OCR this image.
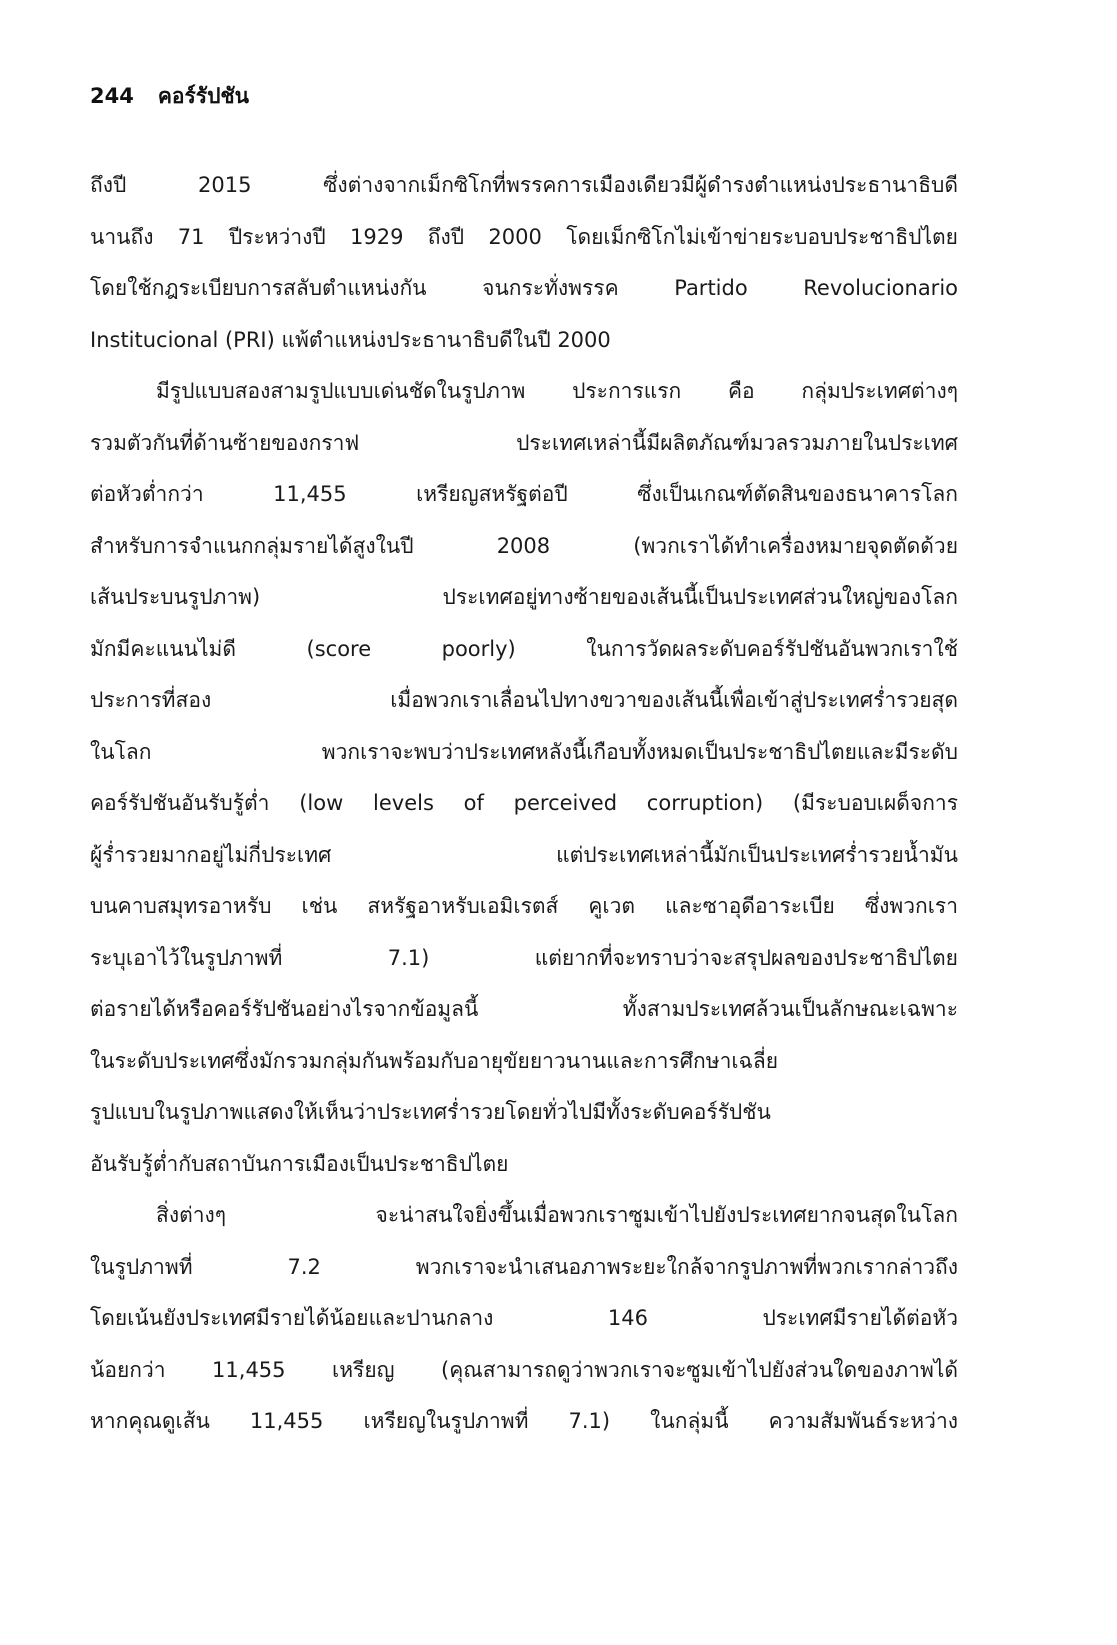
244 คอร์รัปชัน
ถึงปี 2015 ซึ่งต่างจากเม็กซิโกที่พรรคการเมืองเดียวมีผู้ดำรงตำแหน่งประธานาธิบดี
นานถึง 71 ปีระหว่างปี 1929 ถึงปี 2000 โดยเม็กซิโกไม่เข้าข่ายระบอบประชาธิปไตย
โดยใช้กฎระเบียบการสลับตำแหน่งกัน จนกระทั่งพรรค Partido Revolucionario
Institucional (PRI) แพ้ตำแหน่งประธานาธิบดีในปี 2000
มีรูปแบบสองสามรูปแบบเด่นชัดในรูปภาพ ประการแรก คือ กลุ่มประเทศต่างๆ
รวมตัวกันที่ด้านซ้ายของกราฟ ประเทศเหล่านี้มีผลิตภัณฑ์มวลรวมภายในประเทศ
ต่อหัวต่ำกว่า 11,455 เหรียญสหรัฐต่อปี ซึ่งเป็นเกณฑ์ตัดสินของธนาคารโลก
สำหรับการจำแนกกลุ่มรายได้สูงในปี 2008 (พวกเราได้ทำเครื่องหมายจุดตัดด้วย
เส้นประบนรูปภาพ) ประเทศอยู่ทางซ้ายของเส้นนี้เป็นประเทศส่วนใหญ่ของโลก
มักมีคะแนนไม่ดี (score poorly) ในการวัดผลระดับคอร์รัปชันอันพวกเราใช้
ประการที่สอง เมื่อพวกเราเลื่อนไปทางขวาของเส้นนี้เพื่อเข้าสู่ประเทศร่ำรวยสุด
ในโลก พวกเราจะพบว่าประเทศหลังนี้เกือบทั้งหมดเป็นประชาธิปไตยและมีระดับ
คอร์รัปชันอันรับรู้ต่ำ (low levels of perceived corruption) (มีระบอบเผด็จการ
ผู้ร่ำรวยมากอยู่ไม่กี่ประเทศ แต่ประเทศเหล่านี้มักเป็นประเทศร่ำรวยน้ำมัน
บนคาบสมุทรอาหรับ เช่น สหรัฐอาหรับเอมิเรตส์ คูเวต และซาอุดีอาระเบีย ซึ่งพวกเรา
ระบุเอาไว้ในรูปภาพที่ 7.1) แต่ยากที่จะทราบว่าจะสรุปผลของประชาธิปไตย
ต่อรายได้หรือคอร์รัปชันอย่างไรจากข้อมูลนี้ ทั้งสามประเทศล้วนเป็นลักษณะเฉพาะ
ในระดับประเทศซึ่งมักรวมกลุ่มกันพร้อมกับอายุขัยยาวนานและการศึกษาเฉลี่ย
รูปแบบในรูปภาพแสดงให้เห็นว่าประเทศร่ำรวยโดยทั่วไปมีทั้งระดับคอร์รัปชัน
อันรับรู้ต่ำกับสถาบันการเมืองเป็นประชาธิปไตย
สิ่งต่างๆ จะน่าสนใจยิ่งขึ้นเมื่อพวกเราซูมเข้าไปยังประเทศยากจนสุดในโลก
ในรูปภาพที่ 7.2 พวกเราจะนำเสนอภาพระยะใกล้จากรูปภาพที่พวกเรากล่าวถึง
โดยเน้นยังประเทศมีรายได้น้อยและปานกลาง 146 ประเทศมีรายได้ต่อหัว
น้อยกว่า 11,455 เหรียญ (คุณสามารถดูว่าพวกเราจะซูมเข้าไปยังส่วนใดของภาพได้
หากคุณดูเส้น 11,455 เหรียญในรูปภาพที่ 7.1) ในกลุ่มนี้ ความสัมพันธ์ระหว่าง
